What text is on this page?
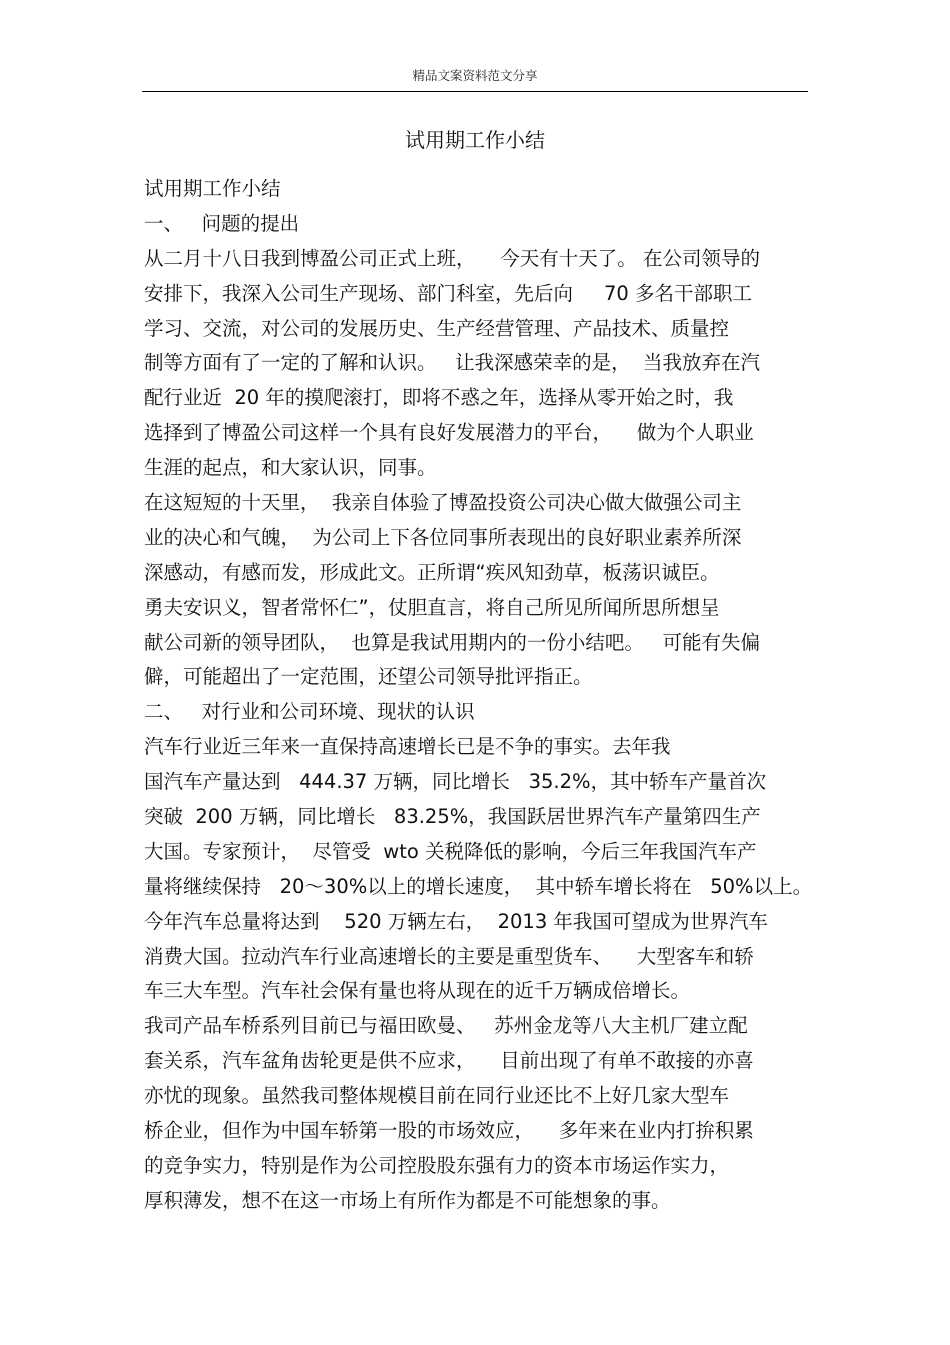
精品文案资料范文分享
试用期工作小结
试用期工作小结
一、   问题的提出
从二月十八日我到博盈公司正式上班，    今天有十天了。 在公司领导的
安排下，我深入公司生产现场、部门科室，先后向     70 多名干部职工
学习、交流，对公司的发展历史、生产经营管理、产品技术、质量控
制等方面有了一定的了解和认识。   让我深感荣幸的是，  当我放弃在汽
配行业近  20 年的摸爬滚打，即将不惑之年，选择从零开始之时，我
选择到了博盈公司这样一个具有良好发展潜力的平台，    做为个人职业
生涯的起点，和大家认识，同事。
在这短短的十天里，  我亲自体验了博盈投资公司决心做大做强公司主
业的决心和气魄，  为公司上下各位同事所表现出的良好职业素养所深
深感动，有感而发，形成此文。正所谓“疾风知劲草，板荡识诚臣。
勇夫安识义，智者常怀仁”，仗胆直言，将自己所见所闻所思所想呈
献公司新的领导团队，  也算是我试用期内的一份小结吧。   可能有失偏
僻，可能超出了一定范围，还望公司领导批评指正。
二、   对行业和公司环境、现状的认识
汽车行业近三年来一直保持高速增长已是不争的事实。去年我
国汽车产量达到   444.37 万辆，同比增长   35.2%，其中轿车产量首次
突破  200 万辆，同比增长   83.25%，我国跃居世界汽车产量第四生产
大国。专家预计，  尽管受  wto 关税降低的影响，今后三年我国汽车产
量将继续保持   20～30%以上的增长速度，  其中轿车增长将在   50%以上。
今年汽车总量将达到    520 万辆左右，  2013 年我国可望成为世界汽车
消费大国。拉动汽车行业高速增长的主要是重型货车、    大型客车和轿
车三大车型。汽车社会保有量也将从现在的近千万辆成倍增长。
我司产品车桥系列目前已与福田欧曼、   苏州金龙等八大主机厂建立配
套关系，汽车盆角齿轮更是供不应求，    目前出现了有单不敢接的亦喜
亦忧的现象。虽然我司整体规模目前在同行业还比不上好几家大型车
桥企业，但作为中国车轿第一股的市场效应，    多年来在业内打拚积累
的竞争实力，特别是作为公司控股股东强有力的资本市场运作实力，
厚积薄发，想不在这一市场上有所作为都是不可能想象的事。
